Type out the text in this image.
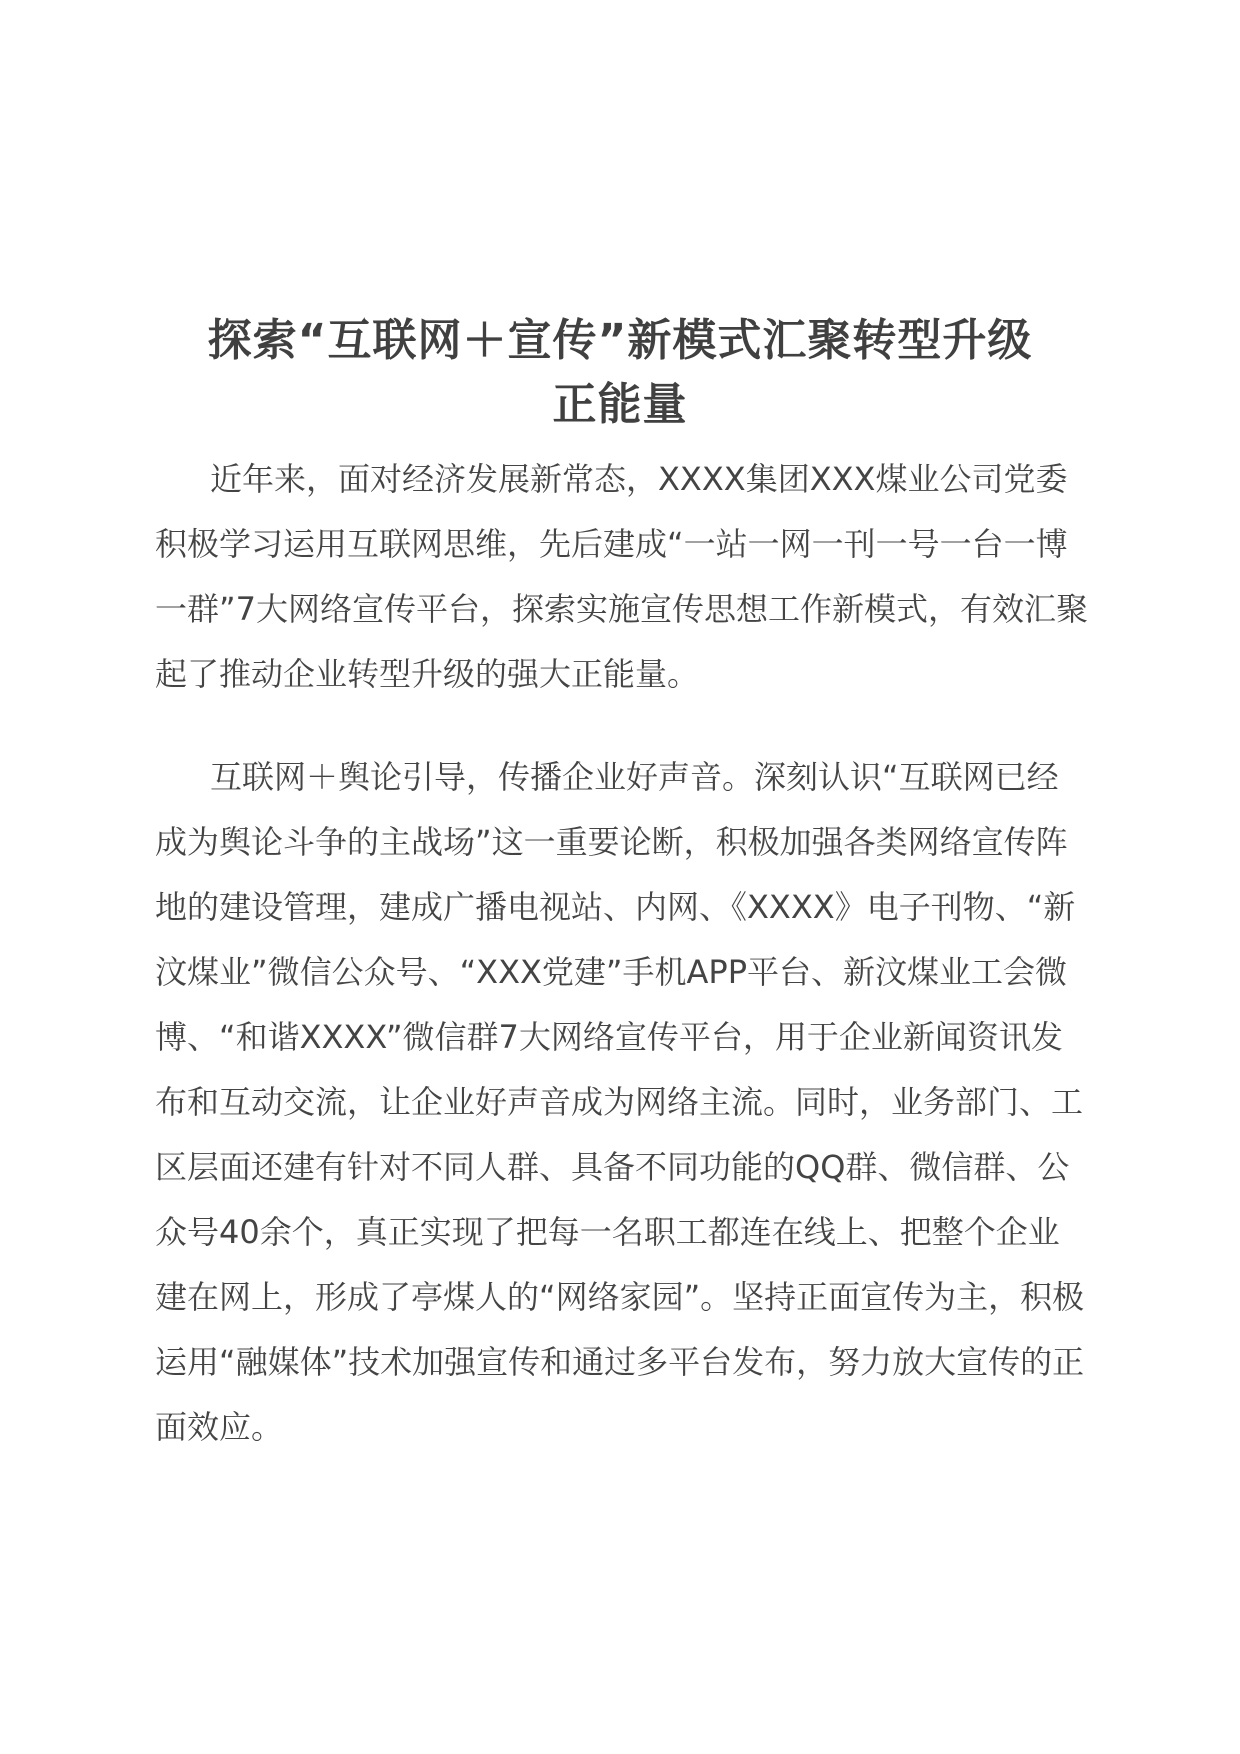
探索“互联网＋宣传”新模式汇聚转型升级
正能量

近年来，面对经济发展新常态，XXXX集团XXX煤业公司党委积极学习运用互联网思维，先后建成“一站一网一刊一号一台一博一群”7大网络宣传平台，探索实施宣传思想工作新模式，有效汇聚起了推动企业转型升级的强大正能量。

互联网＋舆论引导，传播企业好声音。深刻认识“互联网已经成为舆论斗争的主战场”这一重要论断，积极加强各类网络宣传阵地的建设管理，建成广播电视站、内网、《XXXX》电子刊物、“新汶煤业”微信公众号、“XXX党建”手机APP平台、新汶煤业工会微博、“和谐XXXX”微信群7大网络宣传平台，用于企业新闻资讯发布和互动交流，让企业好声音成为网络主流。同时，业务部门、工区层面还建有针对不同人群、具备不同功能的QQ群、微信群、公众号40余个，真正实现了把每一名职工都连在线上、把整个企业建在网上，形成了亭煤人的“网络家园”。坚持正面宣传为主，积极运用“融媒体”技术加强宣传和通过多平台发布，努力放大宣传的正面效应。
